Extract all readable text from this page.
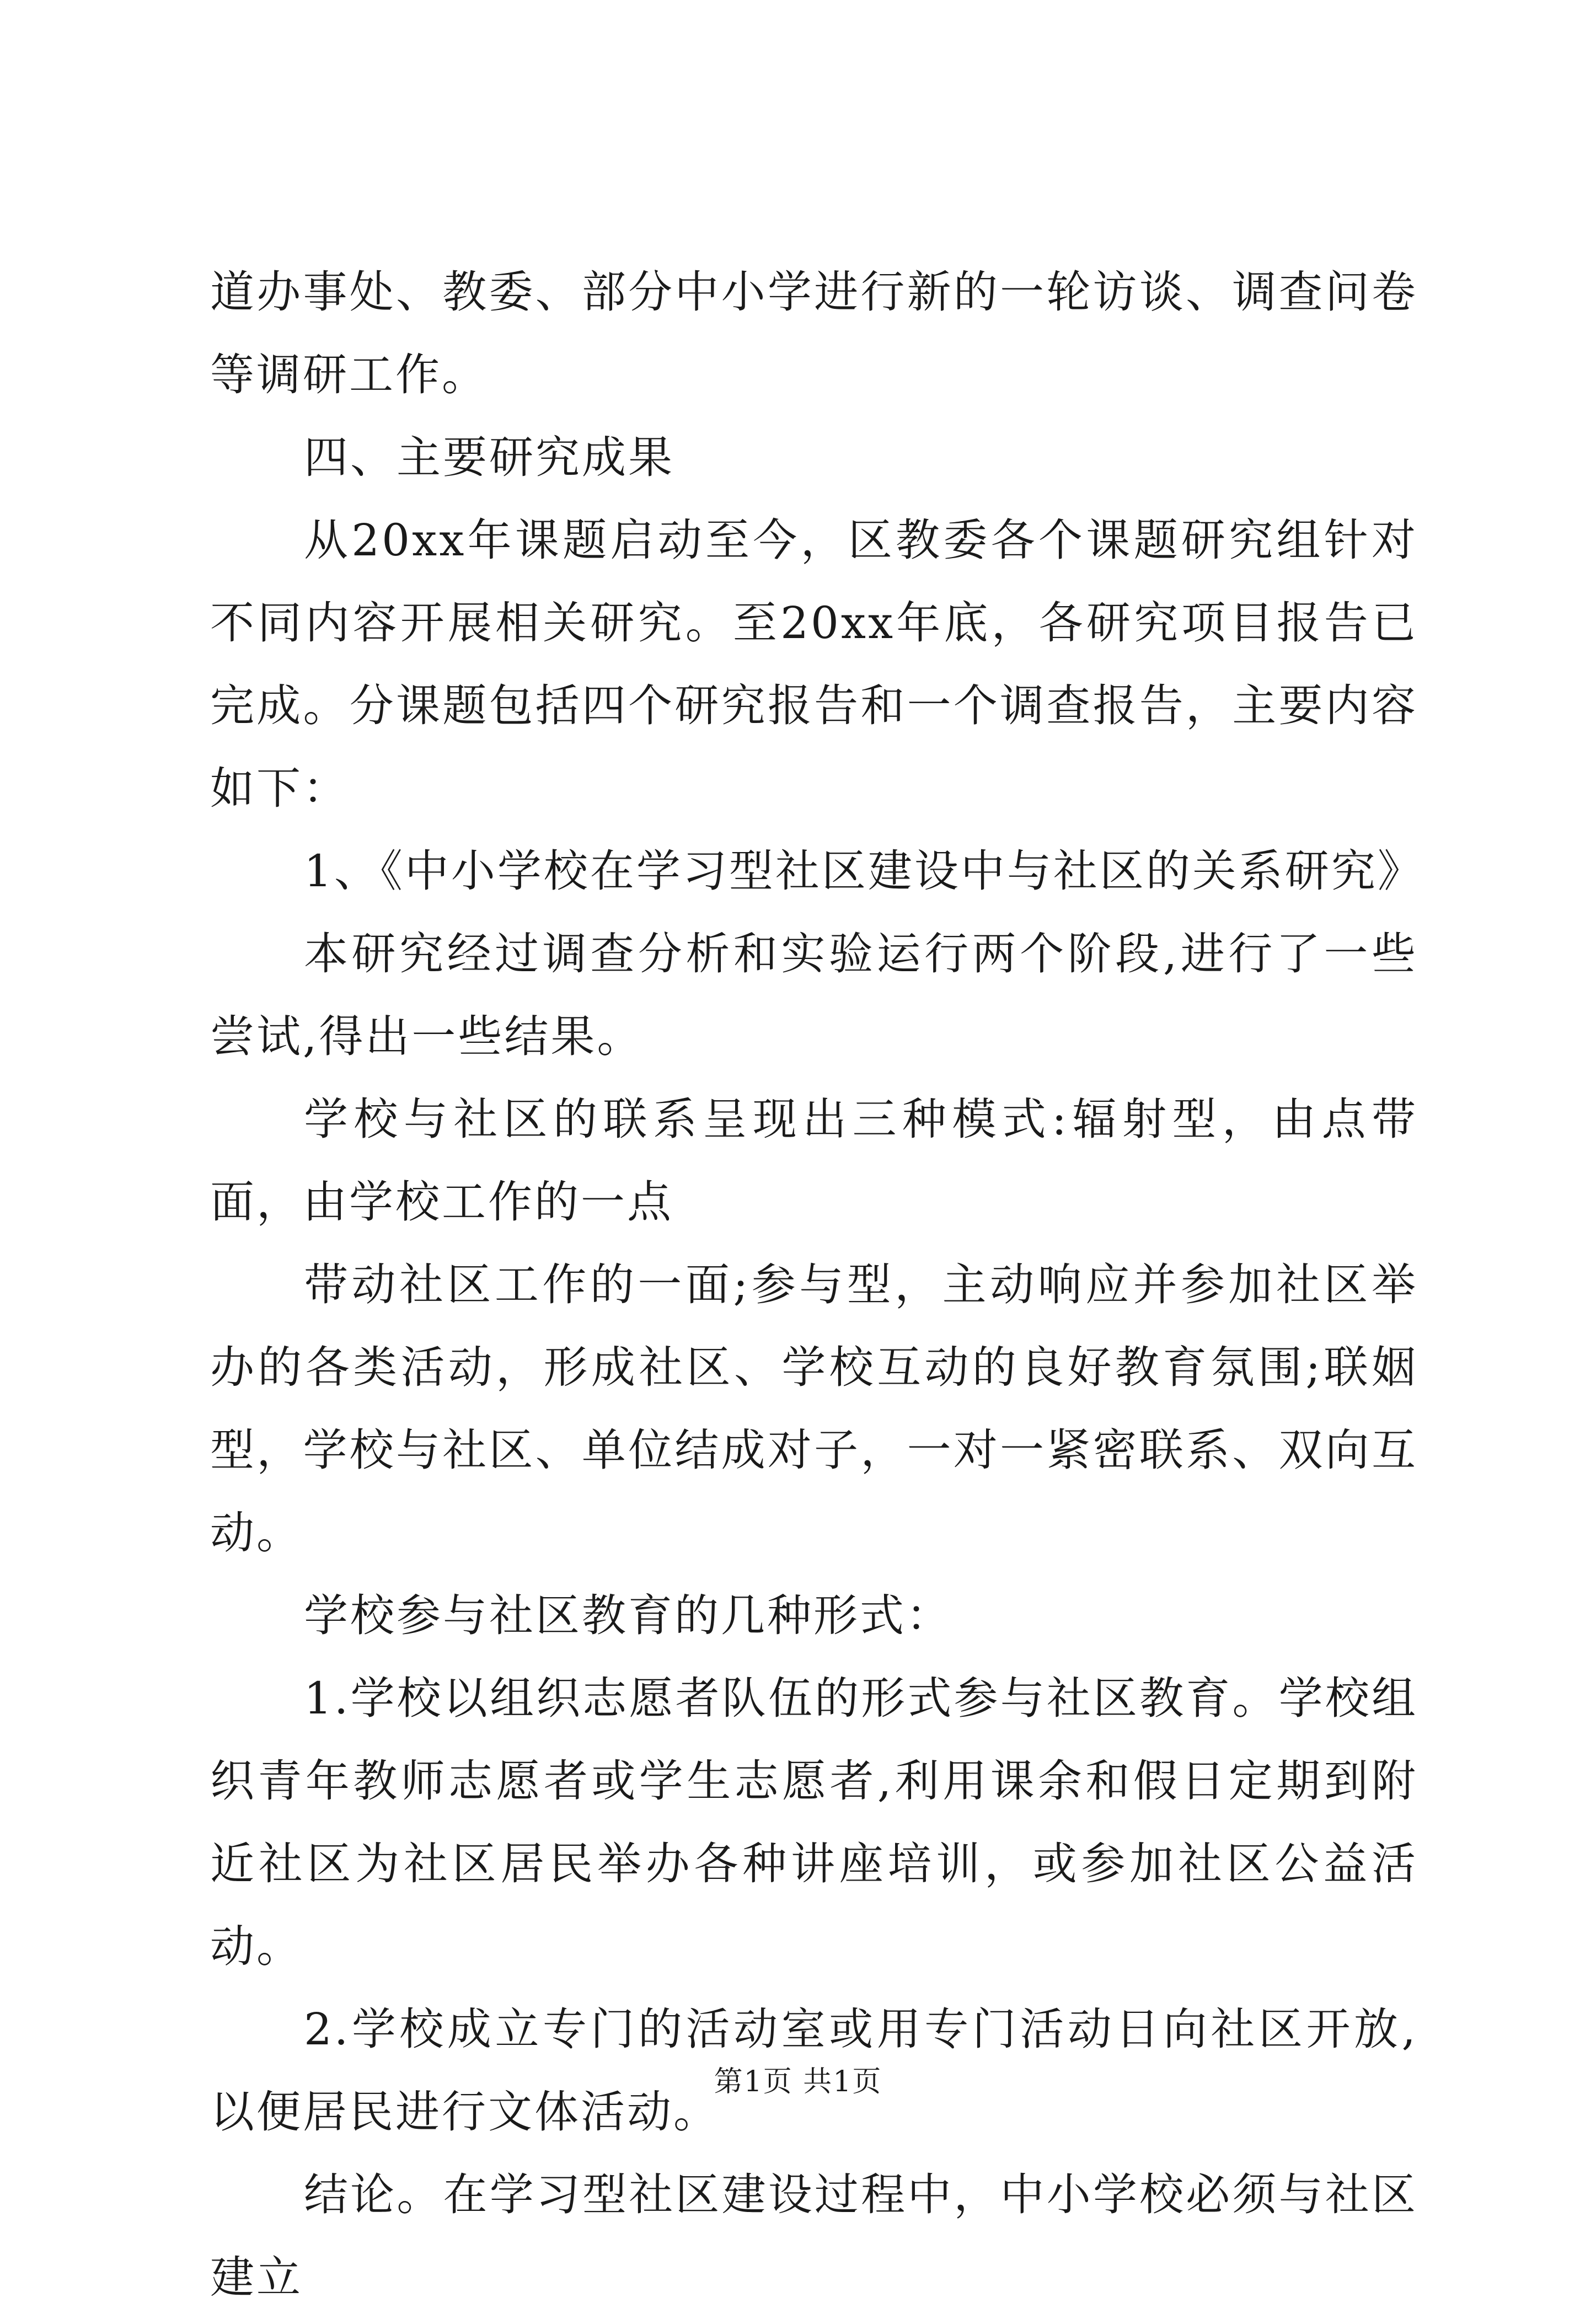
道办事处、教委、部分中小学进行新的一轮访谈、调查问卷等调研工作。

四、主要研究成果

从20xx年课题启动至今，区教委各个课题研究组针对不同内容开展相关研究。至20xx年底，各研究项目报告已完成。分课题包括四个研究报告和一个调查报告，主要内容如下：

1、《中小学校在学习型社区建设中与社区的关系研究》

本研究经过调查分析和实验运行两个阶段,进行了一些尝试,得出一些结果。

学校与社区的联系呈现出三种模式:辐射型，由点带面，由学校工作的一点

带动社区工作的一面;参与型，主动响应并参加社区举办的各类活动，形成社区、学校互动的良好教育氛围;联姻型，学校与社区、单位结成对子，一对一紧密联系、双向互动。

学校参与社区教育的几种形式：

1.学校以组织志愿者队伍的形式参与社区教育。学校组织青年教师志愿者或学生志愿者,利用课余和假日定期到附近社区为社区居民举办各种讲座培训，或参加社区公益活动。

2.学校成立专门的活动室或用专门活动日向社区开放,以便居民进行文体活动。

结论。在学习型社区建设过程中，中小学校必须与社区建立

第1页 共1页
